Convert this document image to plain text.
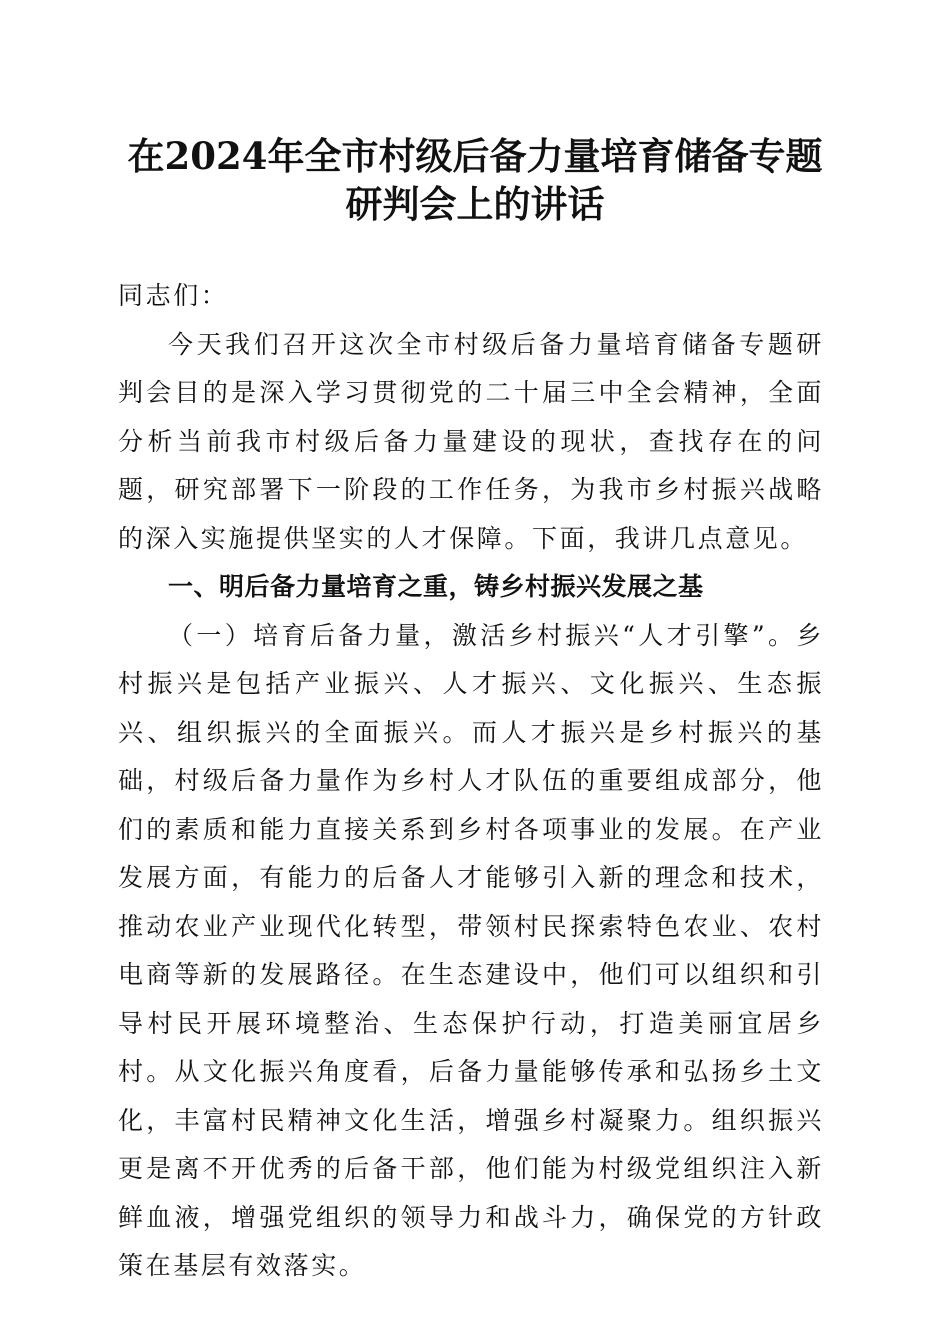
在2024年全市村级后备力量培育储备专题研判会上的讲话

同志们：

今天我们召开这次全市村级后备力量培育储备专题研判会目的是深入学习贯彻党的二十届三中全会精神，全面分析当前我市村级后备力量建设的现状，查找存在的问题，研究部署下一阶段的工作任务，为我市乡村振兴战略的深入实施提供坚实的人才保障。下面，我讲几点意见。

一、明后备力量培育之重，铸乡村振兴发展之基

（一）培育后备力量，激活乡村振兴“人才引擎”。乡村振兴是包括产业振兴、人才振兴、文化振兴、生态振兴、组织振兴的全面振兴。而人才振兴是乡村振兴的基础，村级后备力量作为乡村人才队伍的重要组成部分，他们的素质和能力直接关系到乡村各项事业的发展。在产业发展方面，有能力的后备人才能够引入新的理念和技术，推动农业产业现代化转型，带领村民探索特色农业、农村电商等新的发展路径。在生态建设中，他们可以组织和引导村民开展环境整治、生态保护行动，打造美丽宜居乡村。从文化振兴角度看，后备力量能够传承和弘扬乡土文化，丰富村民精神文化生活，增强乡村凝聚力。组织振兴更是离不开优秀的后备干部，他们能为村级党组织注入新鲜血液，增强党组织的领导力和战斗力，确保党的方针政策在基层有效落实。
